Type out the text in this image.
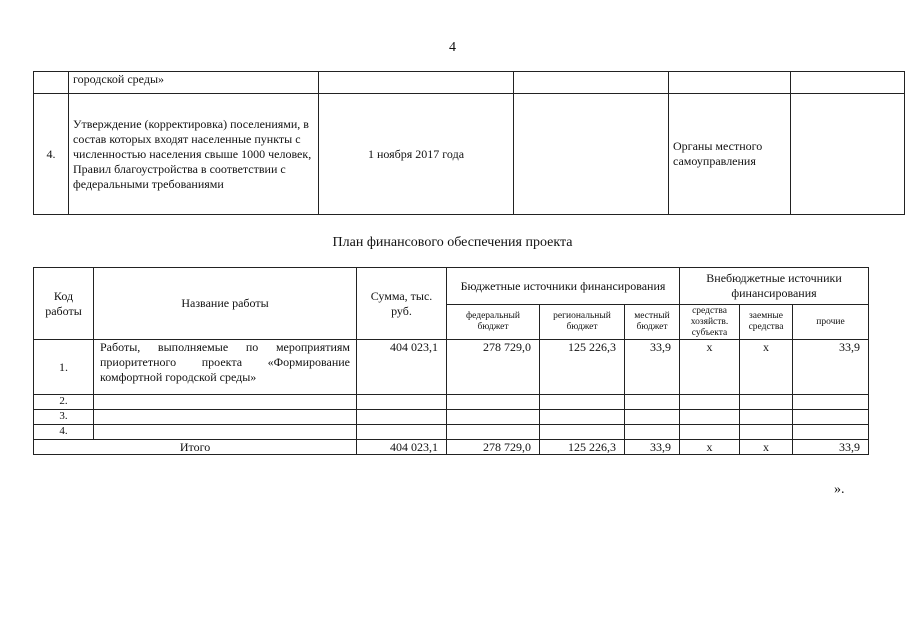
4
	городской среды»				
4.	Утверждение (корректировка) поселениями, в состав которых входят населенные пункты с численностью населения свыше 1000 человек, Правил благоустройства в соответствии с федеральными требованиями	1 ноября 2017 года		Органы местного самоуправления	
План финансового обеспечения проекта
Код работы	Название работы	Сумма, тыс. руб.	Бюджетные источники финансирования			Внебюджетные источники финансирования		
			федеральный бюджет	региональный бюджет	местный бюджет	средства хозяйств. субъекта	заемные средства	прочие
1.	Работы, выполняемые по мероприятиям приоритетного проекта «Формирование комфортной городской среды»	404 023,1	278 729,0	125 226,3	33,9	х	х	33,9
2.								
3.								
4.								
Итого		404 023,1	278 729,0	125 226,3	33,9	х	х	33,9
».
